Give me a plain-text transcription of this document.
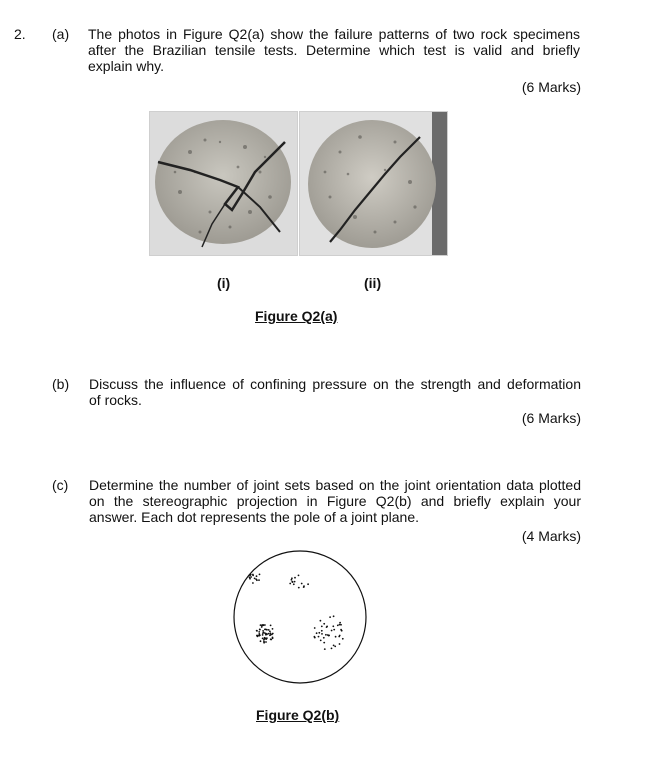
2. (a) The photos in Figure Q2(a) show the failure patterns of two rock specimens
after the Brazilian tensile tests. Determine which test is valid and briefly
explain why.
(6 Marks)
(i)	(ii)
Figure Q2(a)
(b) Discuss the influence of confining pressure on the strength and deformation
of rocks.
(6 Marks)
(c) Determine the number of joint sets based on the joint orientation data plotted
on the stereographic projection in Figure Q2(b) and briefly explain your
answer. Each dot represents the pole of a joint plane.
(4 Marks)
Figure Q2(b)
